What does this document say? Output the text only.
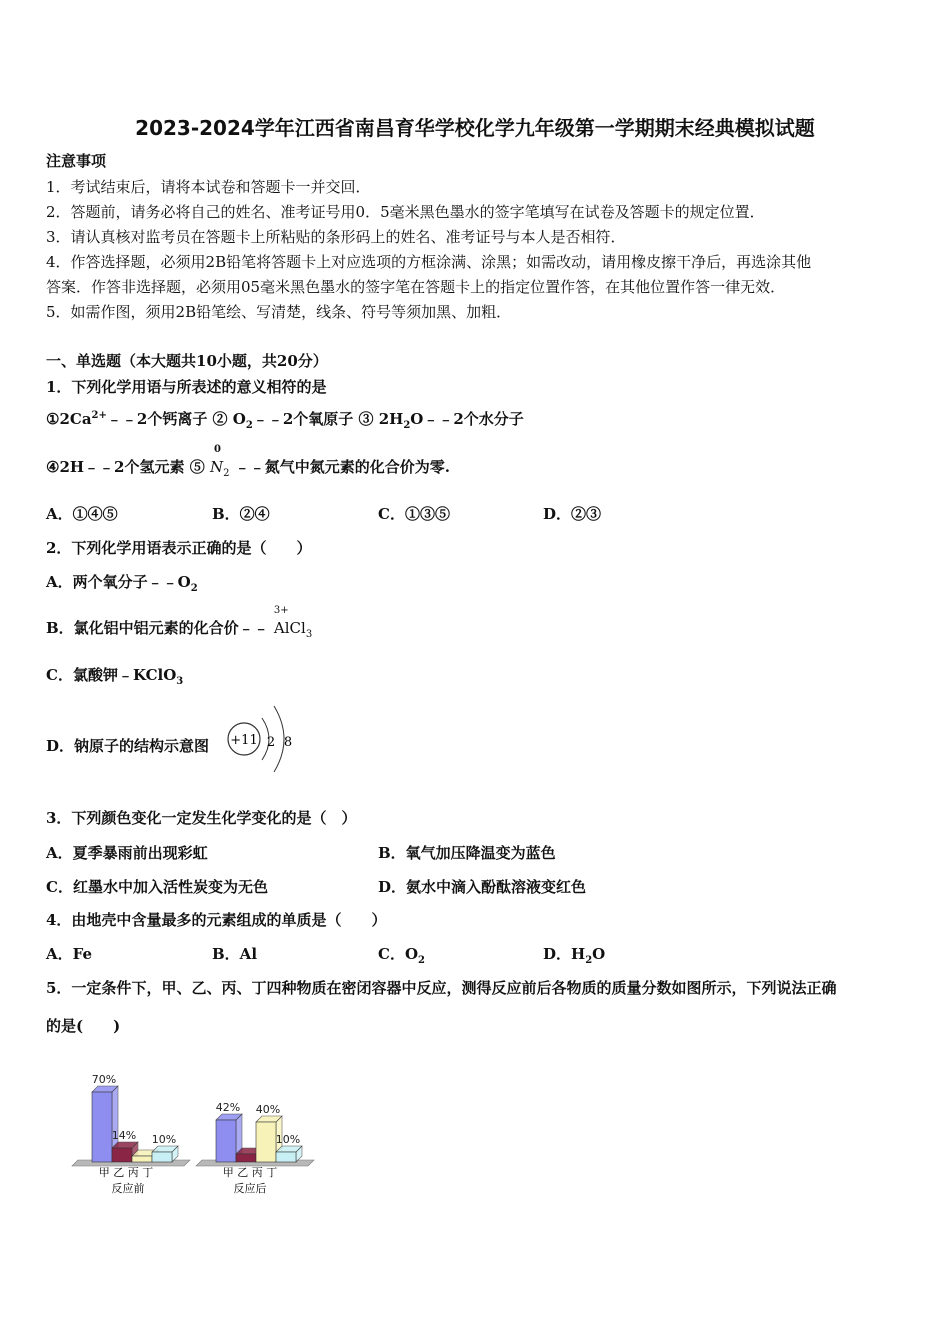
2023-2024学年江西省南昌育华学校化学九年级第一学期期末经典模拟试题
注意事项
1．考试结束后，请将本试卷和答题卡一并交回．
2．答题前，请务必将自己的姓名、准考证号用0．5毫米黑色墨水的签字笔填写在试卷及答题卡的规定位置．
3．请认真核对监考员在答题卡上所粘贴的条形码上的姓名、准考证号与本人是否相符．
4．作答选择题，必须用2B铅笔将答题卡上对应选项的方框涂满、涂黑；如需改动，请用橡皮擦干净后，再选涂其他
答案．作答非选择题，必须用05毫米黑色墨水的签字笔在答题卡上的指定位置作答，在其他位置作答一律无效．
5．如需作图，须用2B铅笔绘、写清楚，线条、符号等须加黑、加粗．
一、单选题（本大题共10小题，共20分）
1．下列化学用语与所表述的意义相符的是
$①2Ca^{2+}﹣﹣2$个钙离子 ② $O_2﹣﹣2$个氧原子 ③ $2H_2O﹣﹣2$个水分子
④2H﹣﹣2个氢元素 ⑤
0
$N_2$ ﹣﹣氮气中氮元素的化合价为零.
A．①④⑤	B．②④	C．①③⑤	D．②③
2．下列化学用语表示正确的是（　　）
A．两个氧分子$﹣﹣O_2$
B．氯化铝中铝元素的化合价﹣﹣
3+
AlCl$_3$
C．氯酸钾﹣KClO$_3$
D．钠原子的结构示意图 +11 2 8
3．下列颜色变化一定发生化学变化的是（　）
A．夏季暴雨前出现彩虹	B．氧气加压降温变为蓝色
C．红墨水中加入活性炭变为无色	D．氨水中滴入酚酞溶液变红色
4．由地壳中含量最多的元素组成的单质是（　　）
A．Fe	B．Al	C．$O_2$	D．$H_2O$
5．一定条件下，甲、乙、丙、丁四种物质在密闭容器中反应，测得反应前后各物质的质量分数如图所示，下列说法正确
的是(　　)
70%
14% 10%
42% 40%
10%
甲 乙 丙 丁	甲 乙 丙 丁
反应前	反应后
